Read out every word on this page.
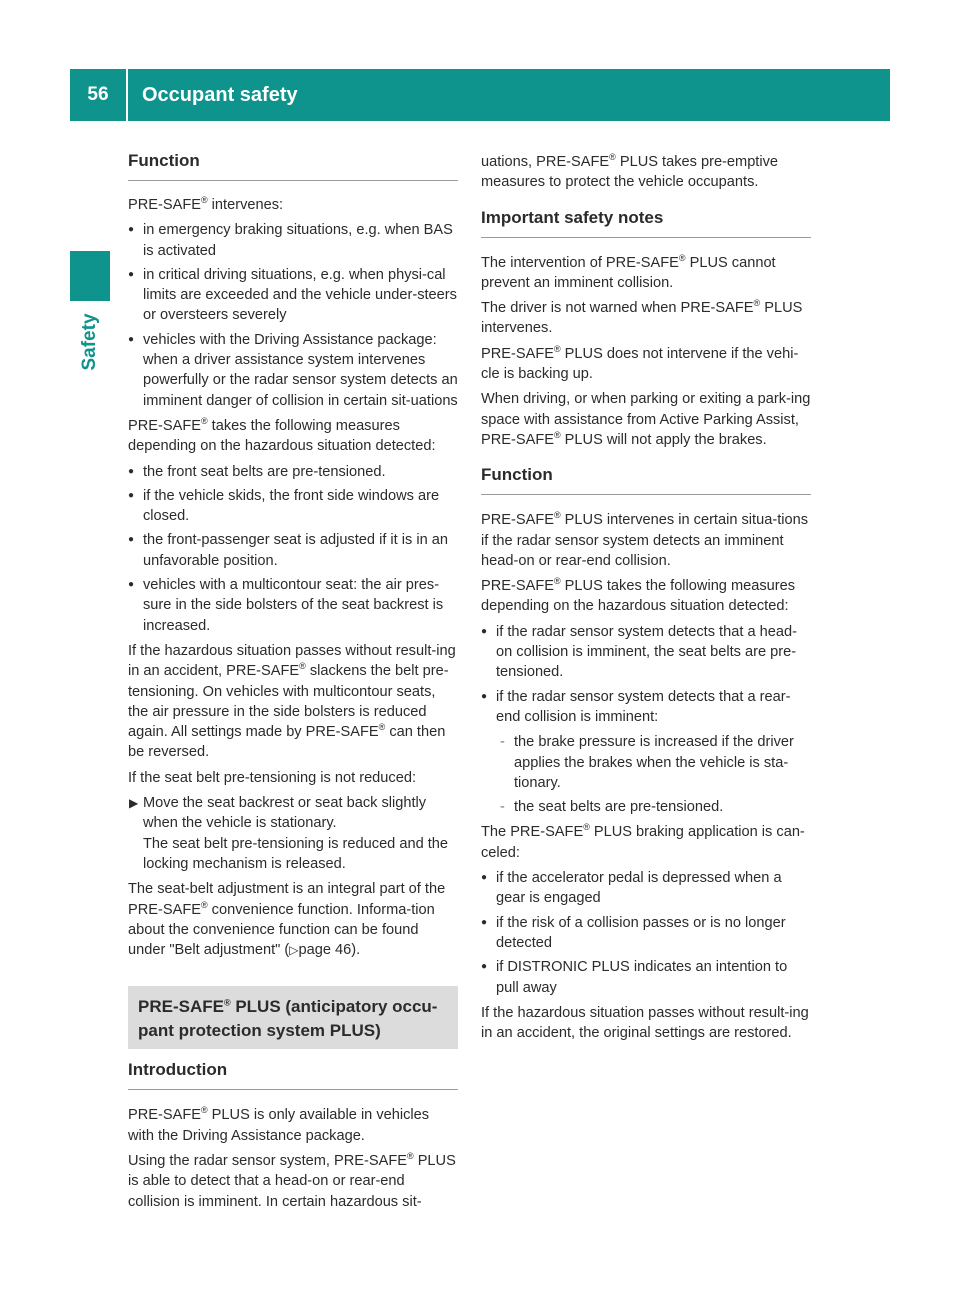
56	Occupant safety
Safety
Function

PRE-SAFE® intervenes:

● in emergency braking situations, e.g. when BAS is activated
● in critical driving situations, e.g. when physi-cal limits are exceeded and the vehicle under-steers or oversteers severely
● vehicles with the Driving Assistance package: when a driver assistance system intervenes powerfully or the radar sensor system detects an imminent danger of collision in certain sit-uations

PRE-SAFE® takes the following measures depending on the hazardous situation detected:

● the front seat belts are pre-tensioned.
● if the vehicle skids, the front side windows are closed.
● the front-passenger seat is adjusted if it is in an unfavorable position.
● vehicles with a multicontour seat: the air pres-sure in the side bolsters of the seat backrest is increased.

If the hazardous situation passes without result-ing in an accident, PRE-SAFE® slackens the belt pre-tensioning. On vehicles with multicontour seats, the air pressure in the side bolsters is reduced again. All settings made by PRE-SAFE® can then be reversed.

If the seat belt pre-tensioning is not reduced:

▶ Move the seat backrest or seat back slightly when the vehicle is stationary.
The seat belt pre-tensioning is reduced and the locking mechanism is released.

The seat-belt adjustment is an integral part of the PRE-SAFE® convenience function. Informa-tion about the convenience function can be found under "Belt adjustment" (▷page 46).

PRE-SAFE® PLUS (anticipatory occu-pant protection system PLUS)
Introduction

PRE-SAFE® PLUS is only available in vehicles with the Driving Assistance package.

Using the radar sensor system, PRE-SAFE® PLUS is able to detect that a head-on or rear-end collision is imminent. In certain hazardous sit-

uations, PRE-SAFE® PLUS takes pre-emptive measures to protect the vehicle occupants.

Important safety notes

The intervention of PRE-SAFE® PLUS cannot prevent an imminent collision.

The driver is not warned when PRE-SAFE® PLUS intervenes.

PRE-SAFE® PLUS does not intervene if the vehi-cle is backing up.

When driving, or when parking or exiting a park-ing space with assistance from Active Parking Assist, PRE-SAFE® PLUS will not apply the brakes.

Function

PRE-SAFE® PLUS intervenes in certain situa-tions if the radar sensor system detects an imminent head-on or rear-end collision.

PRE-SAFE® PLUS takes the following measures depending on the hazardous situation detected:

● if the radar sensor system detects that a head-on collision is imminent, the seat belts are pre-tensioned.
● if the radar sensor system detects that a rear-end collision is imminent:
- the brake pressure is increased if the driver applies the brakes when the vehicle is sta-tionary.
- the seat belts are pre-tensioned.

The PRE-SAFE® PLUS braking application is can-celed:

● if the accelerator pedal is depressed when a gear is engaged
● if the risk of a collision passes or is no longer detected
● if DISTRONIC PLUS indicates an intention to pull away

If the hazardous situation passes without result-ing in an accident, the original settings are restored.
